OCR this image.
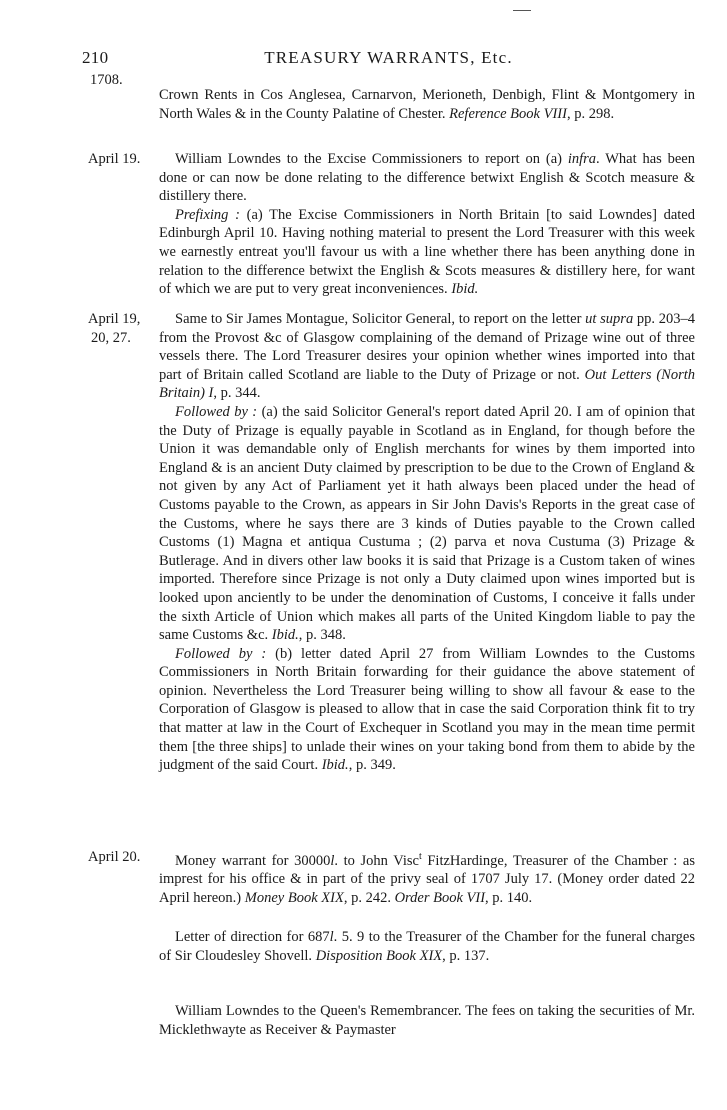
210	TREASURY WARRANTS, Etc.
1708.

Crown Rents in Cos Anglesea, Carnarvon, Merioneth, Denbigh, Flint & Montgomery in North Wales & in the County Palatine of Chester. Reference Book VIII, p. 298.

April 19.	William Lowndes to the Excise Commissioners to report on (a) infra. What has been done or can now be done relating to the difference betwixt English & Scotch measure & distillery there.

Prefixing : (a) The Excise Commissioners in North Britain [to said Lowndes] dated Edinburgh April 10. Having nothing material to present the Lord Treasurer with this week we earnestly entreat you'll favour us with a line whether there has been anything done in relation to the difference betwixt the English & Scots measures & distillery here, for want of which we are put to very great inconveniences. Ibid.

April 19,
20, 27.

Same to Sir James Montague, Solicitor General, to report on the letter ut supra pp. 203–4 from the Provost &c of Glasgow complaining of the demand of Prizage wine out of three vessels there. The Lord Treasurer desires your opinion whether wines imported into that part of Britain called Scotland are liable to the Duty of Prizage or not. Out Letters (North Britain) I, p. 344.

Followed by : (a) the said Solicitor General's report dated April 20. I am of opinion that the Duty of Prizage is equally payable in Scotland as in England, for though before the Union it was demandable only of English merchants for wines by them imported into England & is an ancient Duty claimed by prescription to be due to the Crown of England & not given by any Act of Parliament yet it hath always been placed under the head of Customs payable to the Crown, as appears in Sir John Davis's Reports in the great case of the Customs, where he says there are 3 kinds of Duties payable to the Crown called Customs (1) Magna et antiqua Custuma ; (2) parva et nova Custuma (3) Prizage & Butlerage. And in divers other law books it is said that Prizage is a Custom taken of wines imported. Therefore since Prizage is not only a Duty claimed upon wines imported but is looked upon anciently to be under the denomination of Customs, I conceive it falls under the sixth Article of Union which makes all parts of the United Kingdom liable to pay the same Customs &c. Ibid., p. 348.

Followed by : (b) letter dated April 27 from William Lowndes to the Customs Commissioners in North Britain forwarding for their guidance the above statement of opinion. Nevertheless the Lord Treasurer being willing to show all favour & ease to the Corporation of Glasgow is pleased to allow that in case the said Corporation think fit to try that matter at law in the Court of Exchequer in Scotland you may in the mean time permit them [the three ships] to unlade their wines on your taking bond from them to abide by the judgment of the said Court. Ibid., p. 349.

April 20.	Money warrant for 30000l. to John Visc$^t$ FitzHardinge, Treasurer of the Chamber : as imprest for his office & in part of the privy seal of 1707 July 17. (Money order dated 22 April hereon.) Money Book XIX, p. 242. Order Book VII, p. 140.

Letter of direction for 687l. 5. 9 to the Treasurer of the Chamber for the funeral charges of Sir Cloudesley Shovell. Disposition Book XIX, p. 137.

William Lowndes to the Queen's Remembrancer. The fees on taking the securities of Mr. Micklethwayte as Receiver & Paymaster
